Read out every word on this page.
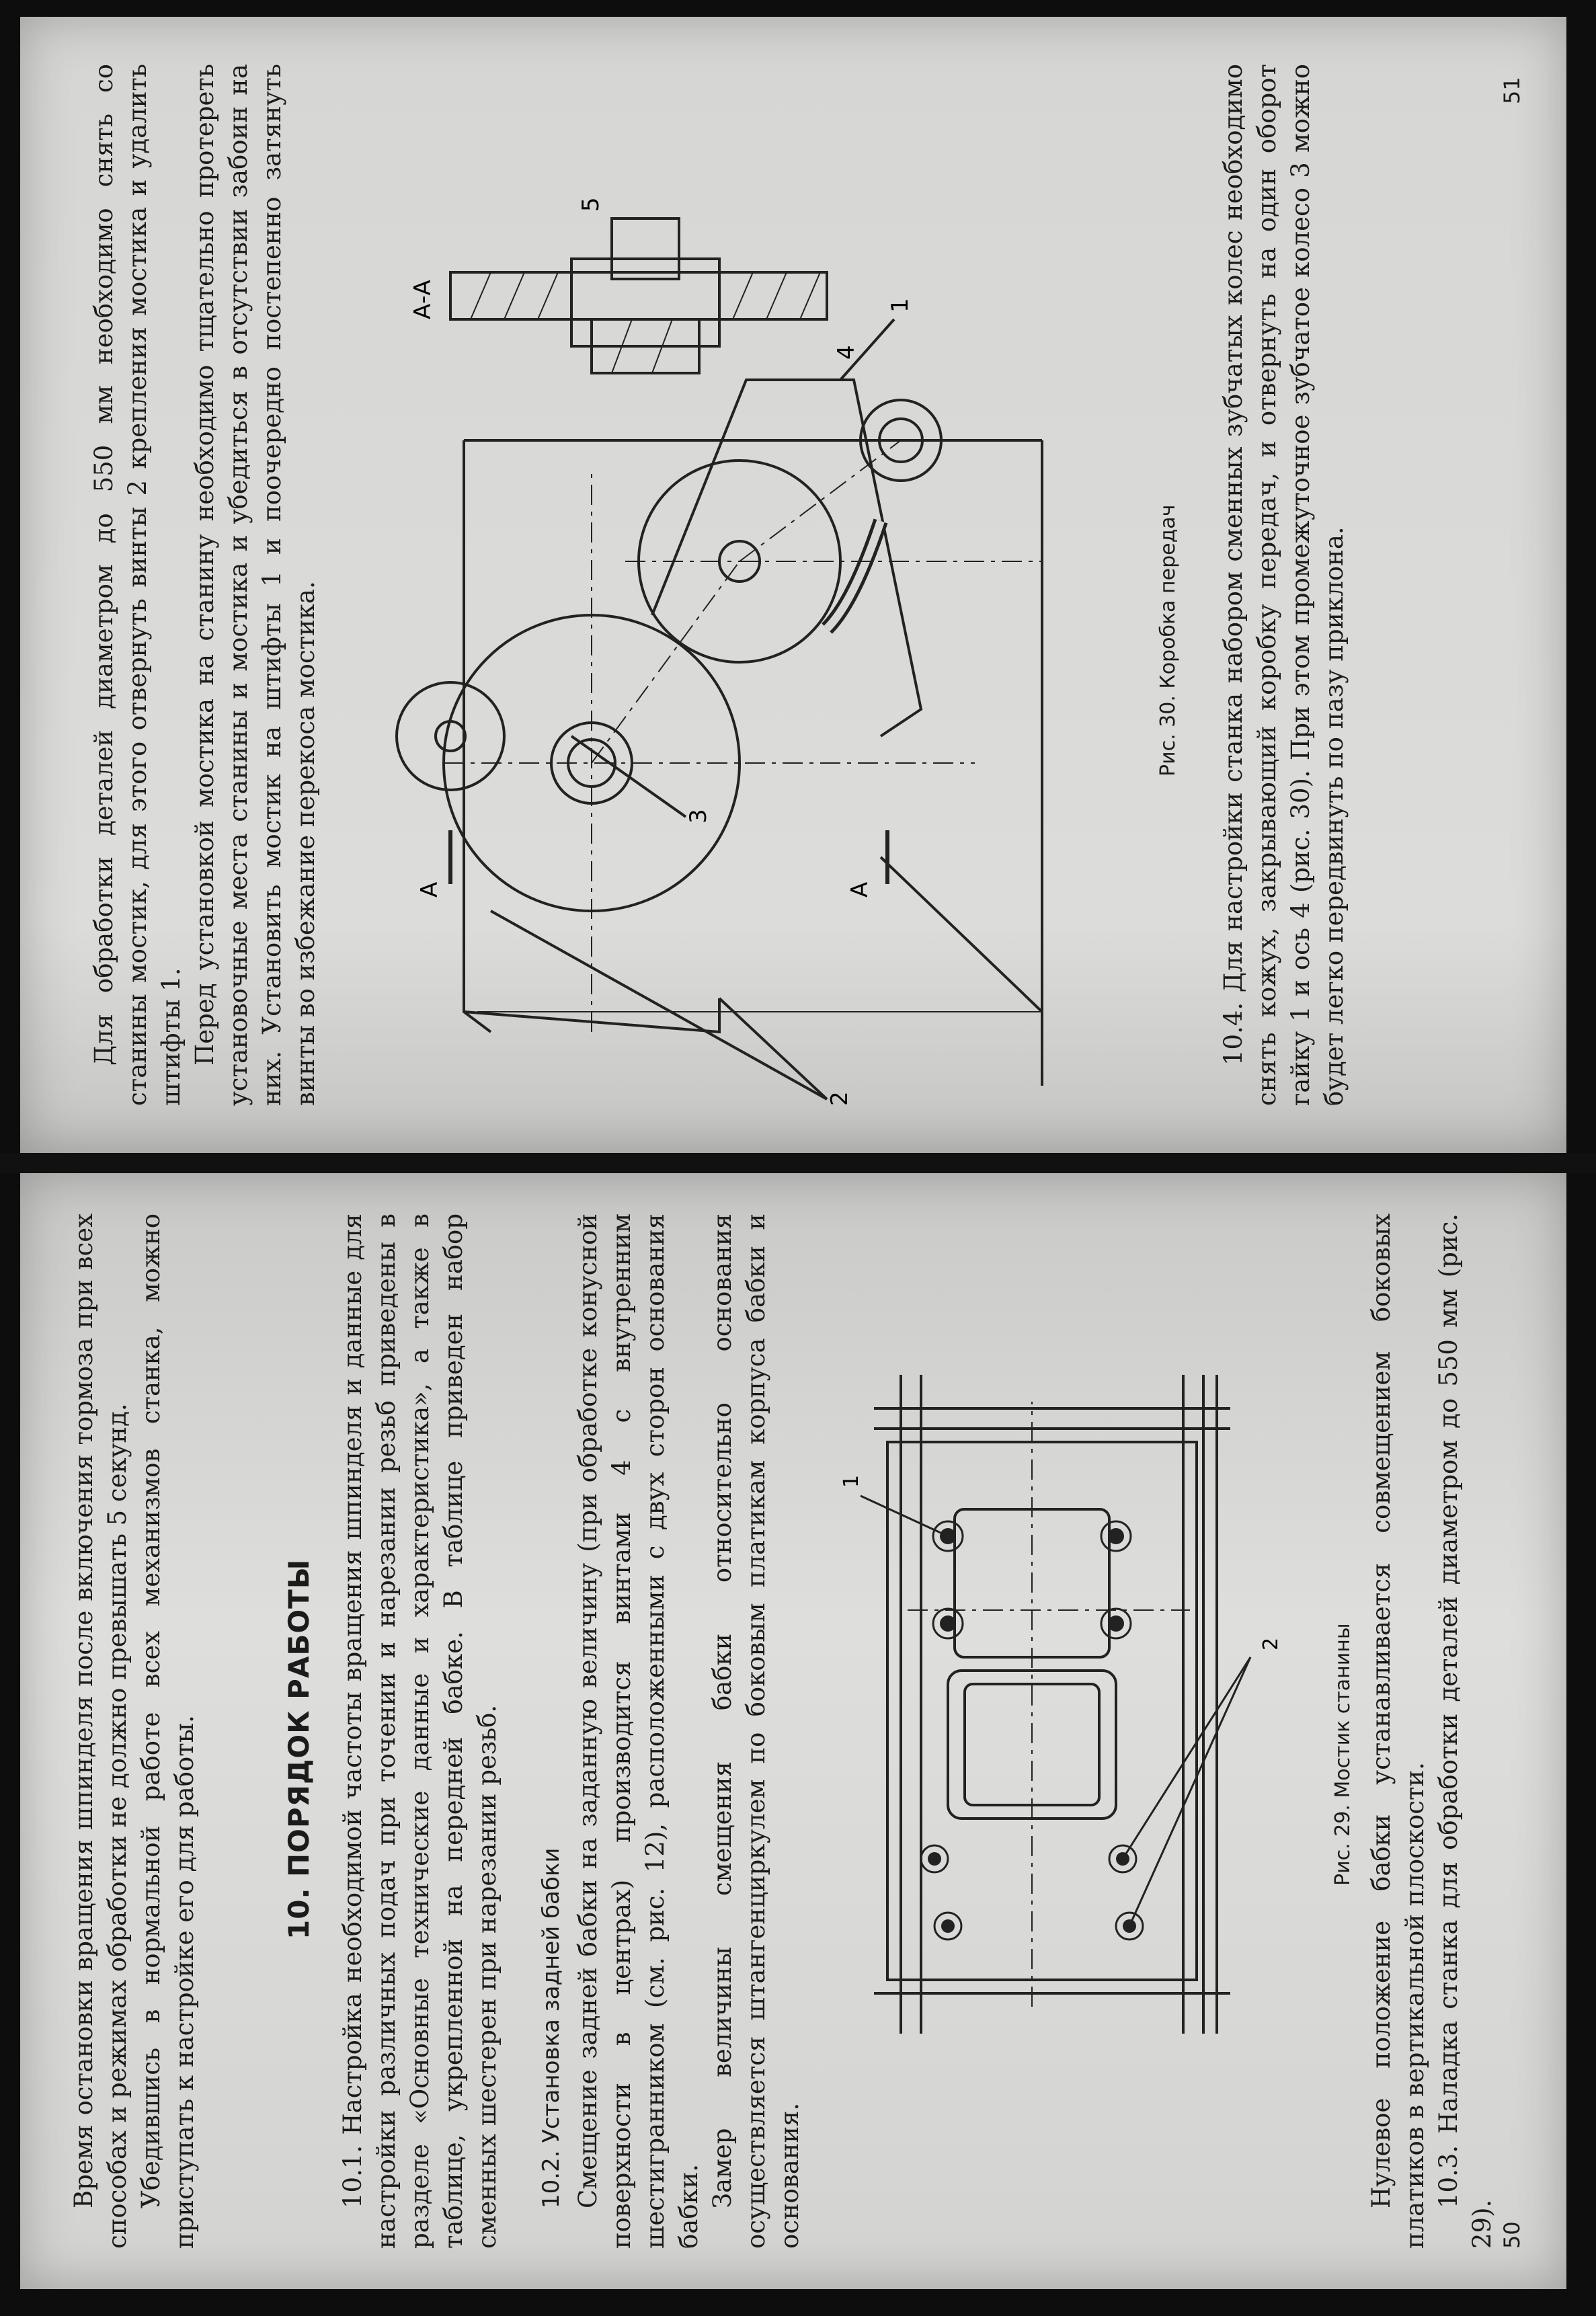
Время остановки вращения шпинделя после включения тормоза при всех способах и режимах обработки не должно превышать 5 секунд. Убедившись в нормальной работе всех механизмов станка, можно приступать к настройке его для работы.	10. ПОРЯДОК РАБОТЫ 10.1. Настройка необходимой частоты вращения шпинделя и данные для настройки различных подач при точении и нарезании резьб приведены в разделе «Основные технические данные и характеристика», а также в таблице, укрепленной на передней бабке. В таблице приведен набор сменных шестерен при нарезании резьб. 10.2. Установка задней бабки Смещение задней бабки на заданную величину (при обработке конусной поверхности в центрах) производится винтами 4 с внутренним шестигранником (см. рис. 12), расположенными с двух сторон основания бабки. Замер величины смещения бабки относительно основания осуществляется штангенциркулем по боковым платикам корпуса бабки и основания.

1
2 Рис. 29. Мостик станины Нулевое положение бабки устанавливается совмещением боковых платиков в вертикальной плоскости. 10.3. Наладка станка для обработки деталей диаметром до 550 мм (рис. 29). 50

Для обработки деталей диаметром до 550 мм необходимо снять со станины мостик, для этого отвернуть винты 2 крепления мостика и удалить штифты 1. Перед установкой мостика на станину необходимо тщательно протереть установочные места станины и мостика и убедиться в отсутствии забоин на них. Установить мостик на штифты 1 и поочередно постепенно затянуть винты во избежание перекоса мостика.	2
A
A
3
1
4
5
А-А
Рис. 30. Коробка передач 10.4. Для настройки станка набором сменных зубчатых колес необходимо снять кожух, закрывающий коробку передач, и отвернуть на один оборот гайку 1 и ось 4 (рис. 30). При этом промежуточное зубчатое колесо 3 можно будет легко передвинуть по пазу приклона.

51
